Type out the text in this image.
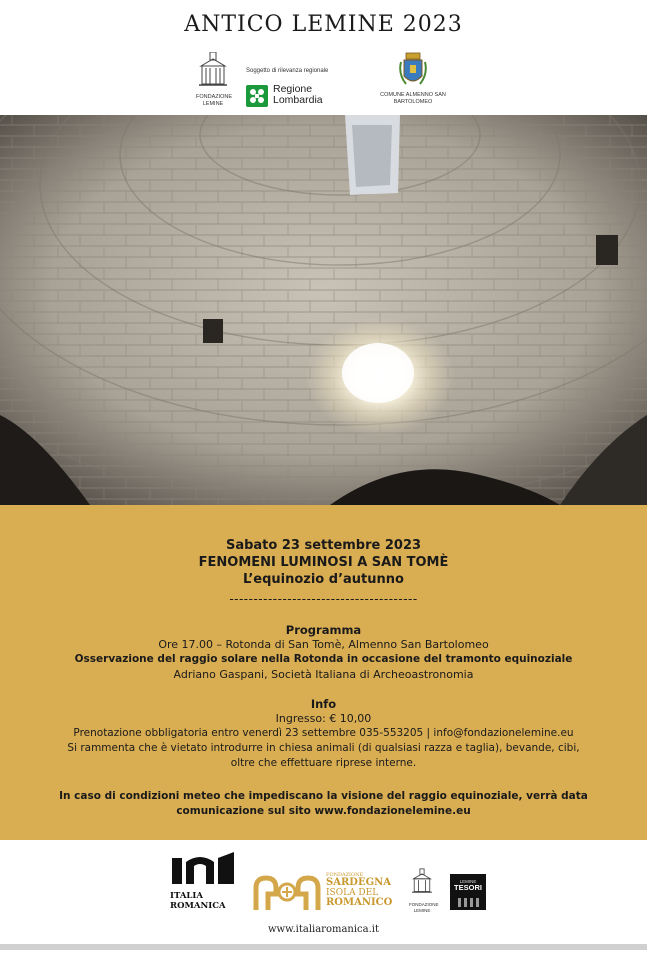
ANTICO LEMINE 2023
FONDAZIONE
LEMINE
Soggetto di rilevanza regionale
Regione
Lombardia	COMUNE ALMENNO SAN
BARTOLOMEO
Sabato 23 settembre 2023
FENOMENI LUMINOSI A SAN TOMÈ
L’equinozio d’autunno
---------------------------------------
Programma
Ore 17.00 – Rotonda di San Tomè, Almenno San Bartolomeo
Osservazione del raggio solare nella Rotonda in occasione del tramonto equinoziale
Adriano Gaspani, Società Italiana di Archeoastronomia
Info
Ingresso: € 10,00
Prenotazione obbligatoria entro venerdì 23 settembre 035-553205 | info@fondazionelemine.eu
Si rammenta che è vietato introdurre in chiesa animali (di qualsiasi razza e taglia), bevande, cibi,
oltre che effettuare riprese interne.
In caso di condizioni meteo che impediscano la visione del raggio equinoziale, verrà data
comunicazione sul sito www.fondazionelemine.eu
ITALIA
ROMANICA
FONDAZIONE
SARDEGNA
ISOLA DEL
ROMANICO	FONDAZIONE
LEMINE
LEMINE
TESORI
www.italiaromanica.it
